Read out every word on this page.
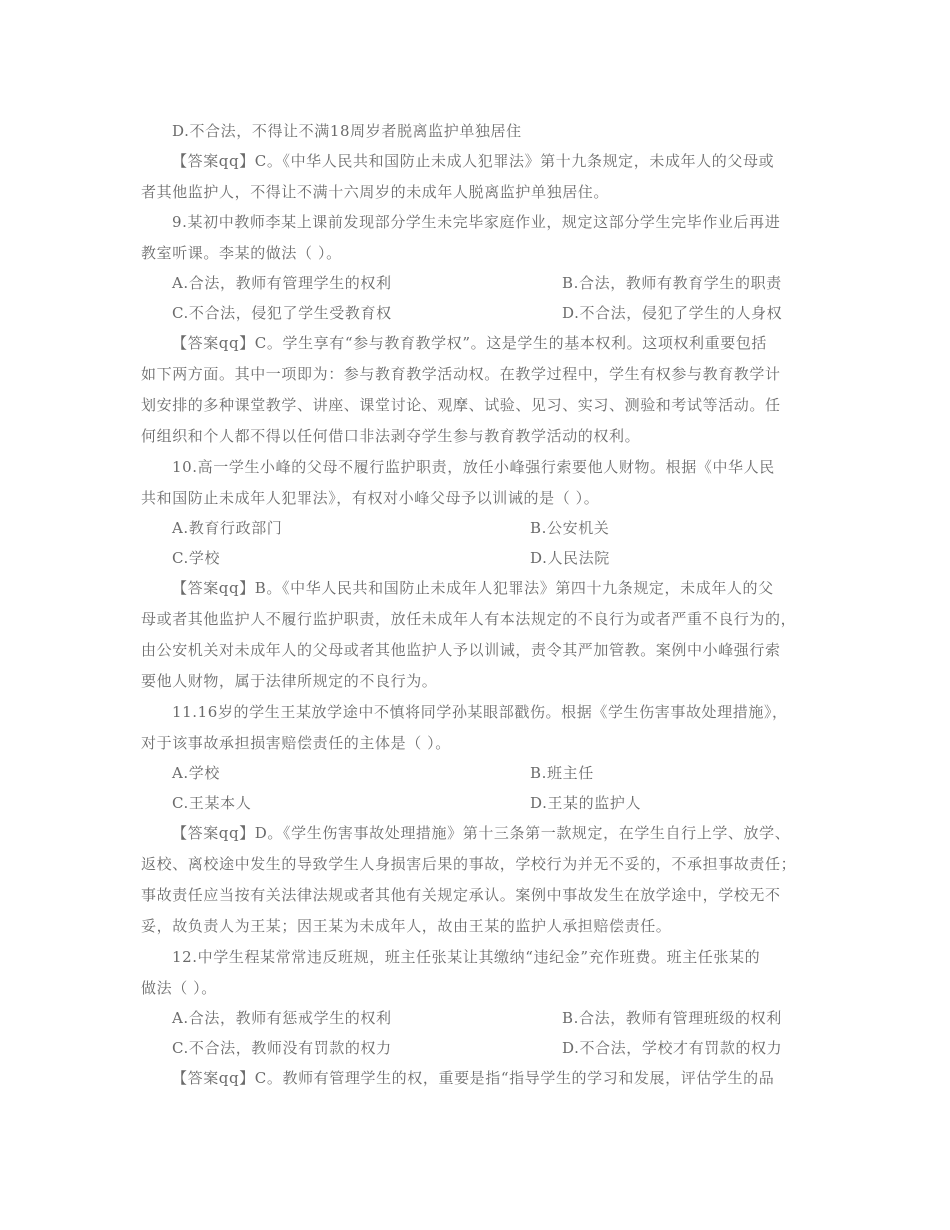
D.不合法，不得让不满18周岁者脱离监护单独居住
【答案qq】C。《中华人民共和国防止未成人犯罪法》第十九条规定，未成年人的父母或
者其他监护人，不得让不满十六周岁的未成年人脱离监护单独居住。
9.某初中教师李某上课前发现部分学生未完毕家庭作业，规定这部分学生完毕作业后再进
教室听课。李某的做法（ ）。
A.合法，教师有管理学生的权利	B.合法，教师有教育学生的职责
C.不合法，侵犯了学生受教育权	D.不合法，侵犯了学生的人身权
【答案qq】C。学生享有“参与教育教学权”。这是学生的基本权利。这项权利重要包括
如下两方面。其中一项即为：参与教育教学活动权。在教学过程中，学生有权参与教育教学计
划安排的多种课堂教学、讲座、课堂讨论、观摩、试验、见习、实习、测验和考试等活动。任
何组织和个人都不得以任何借口非法剥夺学生参与教育教学活动的权利。
10.高一学生小峰的父母不履行监护职责，放任小峰强行索要他人财物。根据《中华人民
共和国防止未成年人犯罪法》，有权对小峰父母予以训诫的是（ ）。
A.教育行政部门	B.公安机关
C.学校	D.人民法院
【答案qq】B。《中华人民共和国防止未成年人犯罪法》第四十九条规定，未成年人的父
母或者其他监护人不履行监护职责，放任未成年人有本法规定的不良行为或者严重不良行为的，
由公安机关对未成年人的父母或者其他监护人予以训诫，责令其严加管教。案例中小峰强行索
要他人财物，属于法律所规定的不良行为。
11.16岁的学生王某放学途中不慎将同学孙某眼部戳伤。根据《学生伤害事故处理措施》，
对于该事故承担损害赔偿责任的主体是（ ）。
A.学校	B.班主任
C.王某本人	D.王某的监护人
【答案qq】D。《学生伤害事故处理措施》第十三条第一款规定，在学生自行上学、放学、
返校、离校途中发生的导致学生人身损害后果的事故，学校行为并无不妥的，不承担事故责任；
事故责任应当按有关法律法规或者其他有关规定承认。案例中事故发生在放学途中，学校无不
妥，故负责人为王某；因王某为未成年人，故由王某的监护人承担赔偿责任。
12.中学生程某常常违反班规，班主任张某让其缴纳“违纪金”充作班费。班主任张某的
做法（ ）。
A.合法，教师有惩戒学生的权利	B.合法，教师有管理班级的权利
C.不合法，教师没有罚款的权力	D.不合法，学校才有罚款的权力
【答案qq】C。教师有管理学生的权，重要是指“指导学生的学习和发展，评估学生的品
